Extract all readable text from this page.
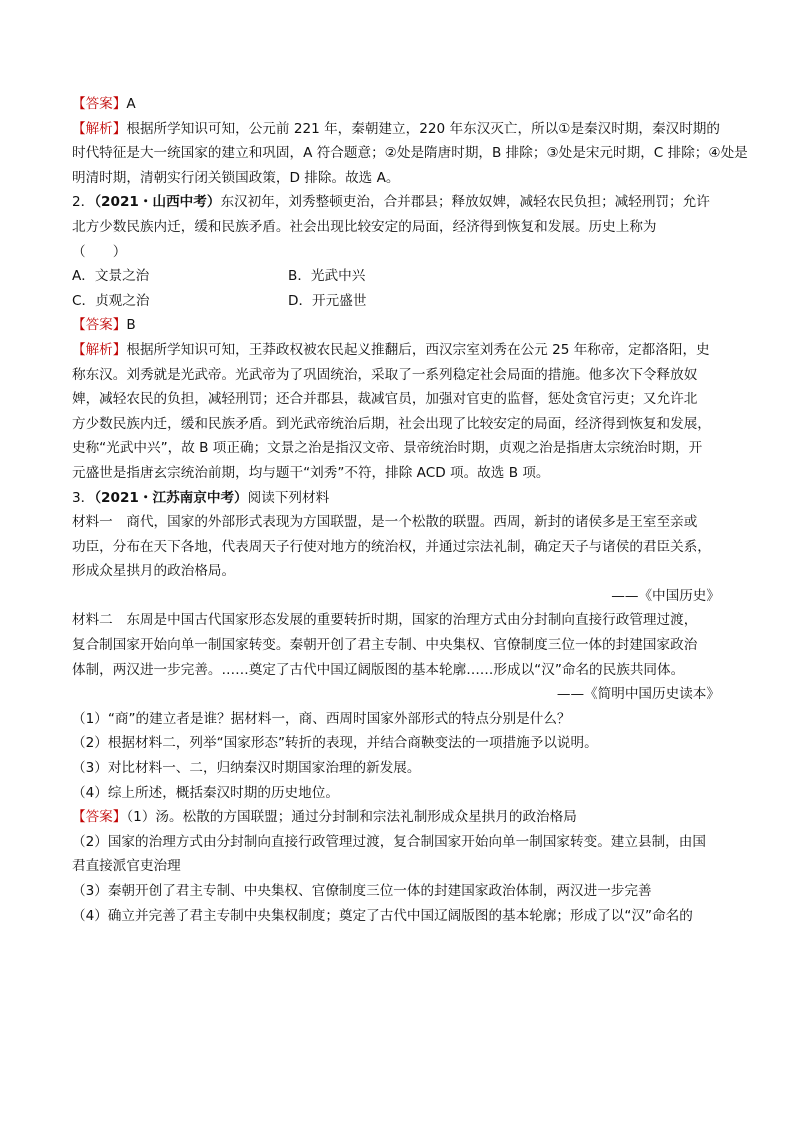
【答案】A
【解析】根据所学知识可知，公元前 221 年，秦朝建立，220 年东汉灭亡，所以①是秦汉时期，秦汉时期的
时代特征是大一统国家的建立和巩固，A 符合题意；②处是隋唐时期，B 排除；③处是宋元时期，C 排除；④处是
明清时期，清朝实行闭关锁国政策，D 排除。故选 A。
2．（2021・山西中考）东汉初年，刘秀整顿吏治，合并郡县；释放奴婢，减轻农民负担；减轻刑罚；允许
北方少数民族内迁，缓和民族矛盾。社会出现比较安定的局面，经济得到恢复和发展。历史上称为
（　　）
A．文景之治	B．光武中兴
C．贞观之治	D．开元盛世
【答案】B
【解析】根据所学知识可知，王莽政权被农民起义推翻后，西汉宗室刘秀在公元 25 年称帝，定都洛阳，史
称东汉。刘秀就是光武帝。光武帝为了巩固统治，采取了一系列稳定社会局面的措施。他多次下令释放奴
婢，减轻农民的负担，减轻刑罚；还合并郡县，裁减官员，加强对官吏的监督，惩处贪官污吏；又允许北
方少数民族内迁，缓和民族矛盾。到光武帝统治后期，社会出现了比较安定的局面，经济得到恢复和发展，
史称“光武中兴”，故 B 项正确；文景之治是指汉文帝、景帝统治时期，贞观之治是指唐太宗统治时期，开
元盛世是指唐玄宗统治前期，均与题干“刘秀”不符，排除 ACD 项。故选 B 项。
3．（2021・江苏南京中考）阅读下列材料
材料一　商代，国家的外部形式表现为方国联盟，是一个松散的联盟。西周，新封的诸侯多是王室至亲或
功臣，分布在天下各地，代表周天子行使对地方的统治权，并通过宗法礼制，确定天子与诸侯的君臣关系，
形成众星拱月的政治格局。
——《中国历史》
材料二　东周是中国古代国家形态发展的重要转折时期，国家的治理方式由分封制向直接行政管理过渡，
复合制国家开始向单一制国家转变。秦朝开创了君主专制、中央集权、官僚制度三位一体的封建国家政治
体制，两汉进一步完善。……奠定了古代中国辽阔版图的基本轮廓……形成以“汉”命名的民族共同体。
——《简明中国历史读本》
（1）“商”的建立者是谁？据材料一，商、西周时国家外部形式的特点分别是什么？
（2）根据材料二，列举“国家形态”转折的表现，并结合商鞅变法的一项措施予以说明。
（3）对比材料一、二，归纳秦汉时期国家治理的新发展。
（4）综上所述，概括秦汉时期的历史地位。
【答案】（1）汤。松散的方国联盟；通过分封制和宗法礼制形成众星拱月的政治格局
（2）国家的治理方式由分封制向直接行政管理过渡，复合制国家开始向单一制国家转变。建立县制，由国
君直接派官吏治理
（3）秦朝开创了君主专制、中央集权、官僚制度三位一体的封建国家政治体制，两汉进一步完善
（4）确立并完善了君主专制中央集权制度；奠定了古代中国辽阔版图的基本轮廓；形成了以“汉”命名的
